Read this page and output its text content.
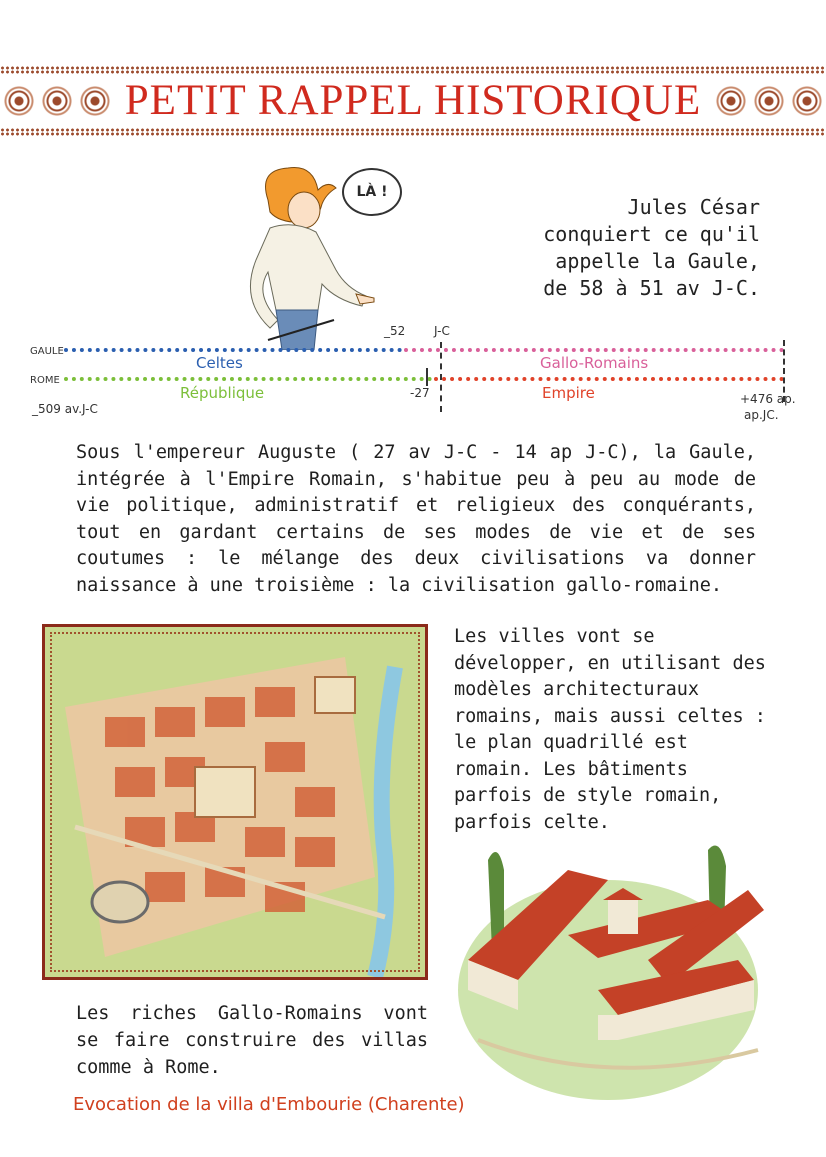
PETIT RAPPEL HISTORIQUE
LÀ !
Jules César
conquiert ce qu'il
appelle la Gaule,
de 58 à 51 av J-C.
GAULE
ROME
Celtes	Gallo-Romains
République	Empire
_52 J-C
-27
_509 av.J-C
+476 ap.
ap.JC.
Sous l'empereur Auguste ( 27 av J-C - 14 ap J-C), la Gaule, intégrée à l'Empire Romain, s'habitue peu à peu au mode de vie politique, administratif et religieux des conquérants, tout en gardant certains de ses modes de vie et de ses coutumes : le mélange des deux civilisations va donner naissance à une troisième : la civilisation gallo-romaine.
Les villes vont se développer, en utilisant des modèles architecturaux romains, mais aussi celtes : le plan quadrillé est romain. Les bâtiments parfois de style romain, parfois celte.
Les riches Gallo-Romains vont se faire construire des villas comme à Rome.
Evocation de la villa d'Embourie (Charente)
